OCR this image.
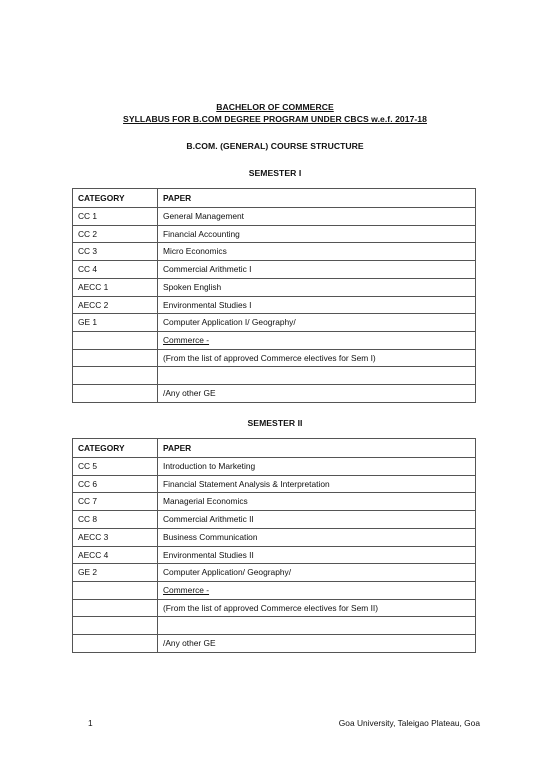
BACHELOR OF COMMERCE
SYLLABUS FOR B.COM DEGREE PROGRAM UNDER CBCS w.e.f. 2017-18
B.COM. (GENERAL) COURSE STRUCTURE
SEMESTER I
CATEGORY	PAPER
CC 1	General Management
CC 2	Financial Accounting
CC 3	Micro Economics
CC 4	Commercial Arithmetic I
AECC 1	Spoken English
AECC 2	Environmental Studies I
GE 1	Computer Application I/ Geography/
	Commerce -
	(From the list of approved Commerce electives for Sem I)

	/Any other GE
SEMESTER II
CATEGORY	PAPER
CC 5	Introduction to Marketing
CC 6	Financial Statement Analysis & Interpretation
CC 7	Managerial Economics
CC 8	Commercial Arithmetic II
AECC 3	Business Communication
AECC 4	Environmental Studies II
GE 2	Computer Application/ Geography/
	Commerce -
	(From the list of approved Commerce electives for Sem II)

	/Any other GE
1	Goa University, Taleigao Plateau, Goa
